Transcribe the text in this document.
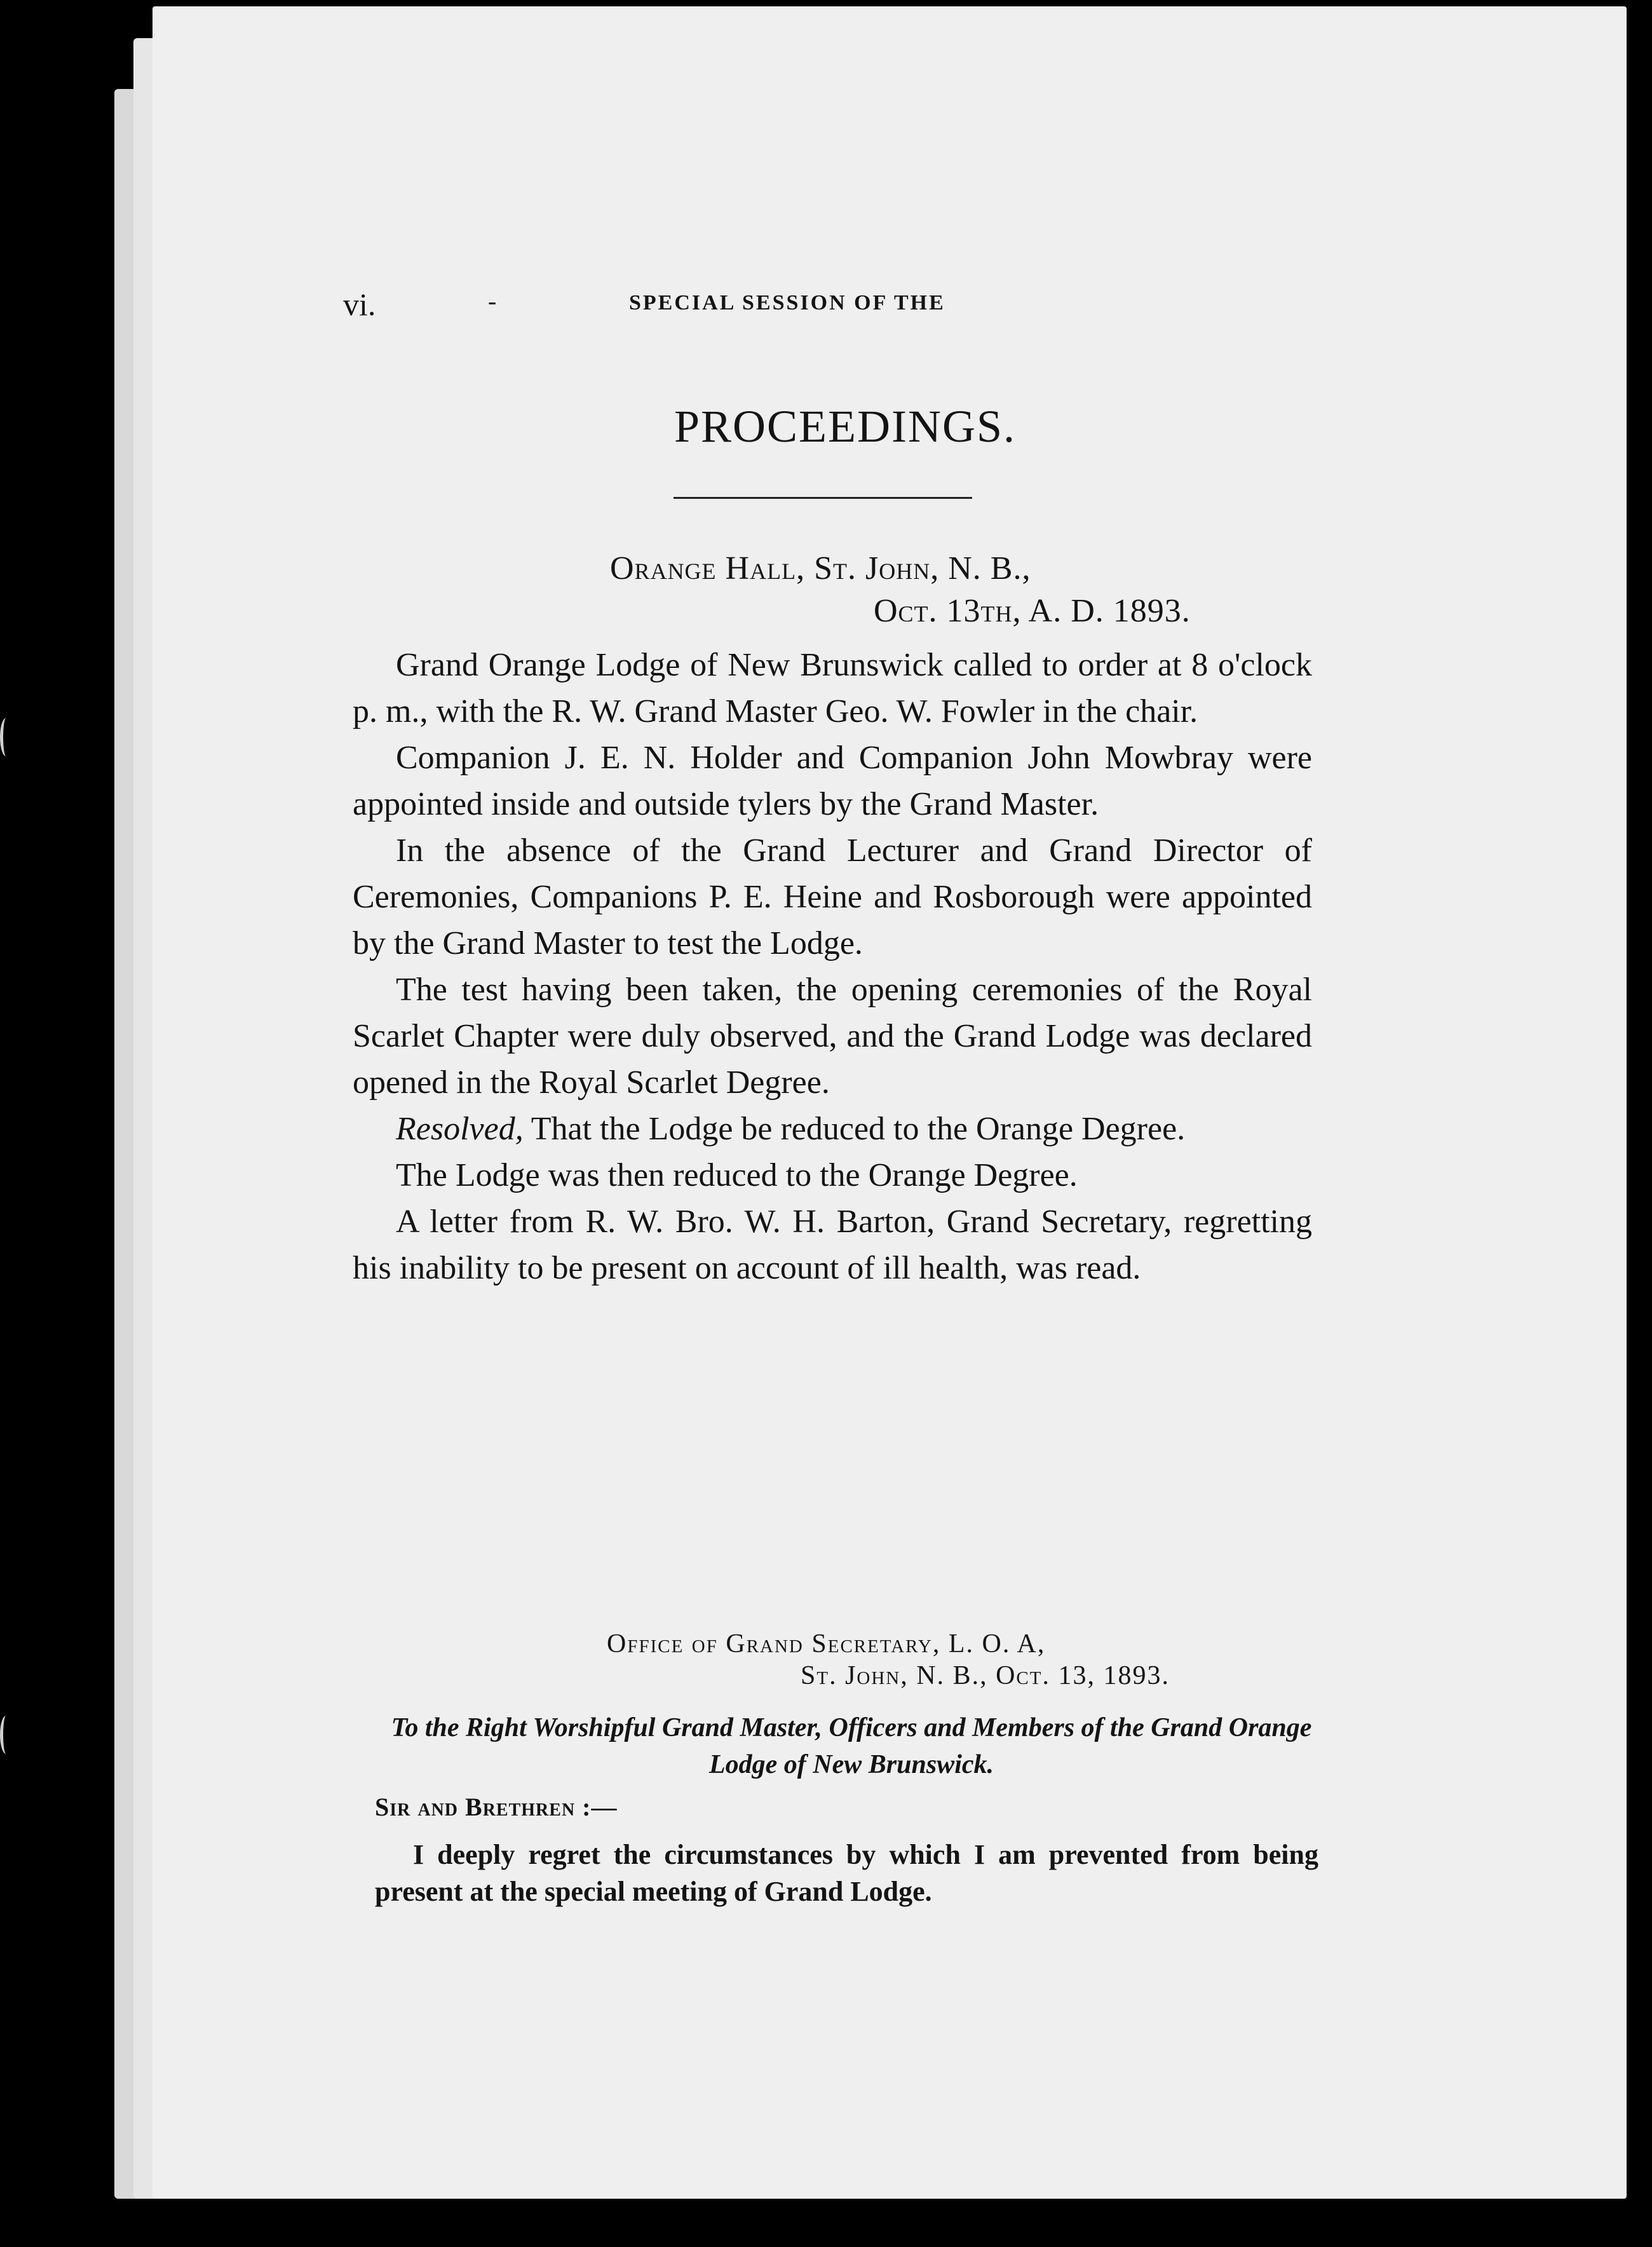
vi.	-	SPECIAL SESSION OF THE
PROCEEDINGS.
Orange Hall, St. John, N. B.,
Oct. 13th, A. D. 1893.

Grand Orange Lodge of New Brunswick called to order at 8 o'clock p. m., with the R. W. Grand Master Geo. W. Fowler in the chair.

Companion J. E. N. Holder and Companion John Mowbray were appointed inside and outside tylers by the Grand Master.

In the absence of the Grand Lecturer and Grand Director of Ceremonies, Companions P. E. Heine and Rosborough were appointed by the Grand Master to test the Lodge.

The test having been taken, the opening ceremonies of the Royal Scarlet Chapter were duly observed, and the Grand Lodge was declared opened in the Royal Scarlet Degree.

Resolved, That the Lodge be reduced to the Orange Degree.

The Lodge was then reduced to the Orange Degree.

A letter from R. W. Bro. W. H. Barton, Grand Secretary, regretting his inability to be present on account of ill health, was read.

Office of Grand Secretary, L. O. A,
St. John, N. B., Oct. 13, 1893.
To the Right Worshipful Grand Master, Officers and Members of the Grand Orange Lodge of New Brunswick.
Sir and Brethren :—

I deeply regret the circumstances by which I am prevented from being present at the special meeting of Grand Lodge.
